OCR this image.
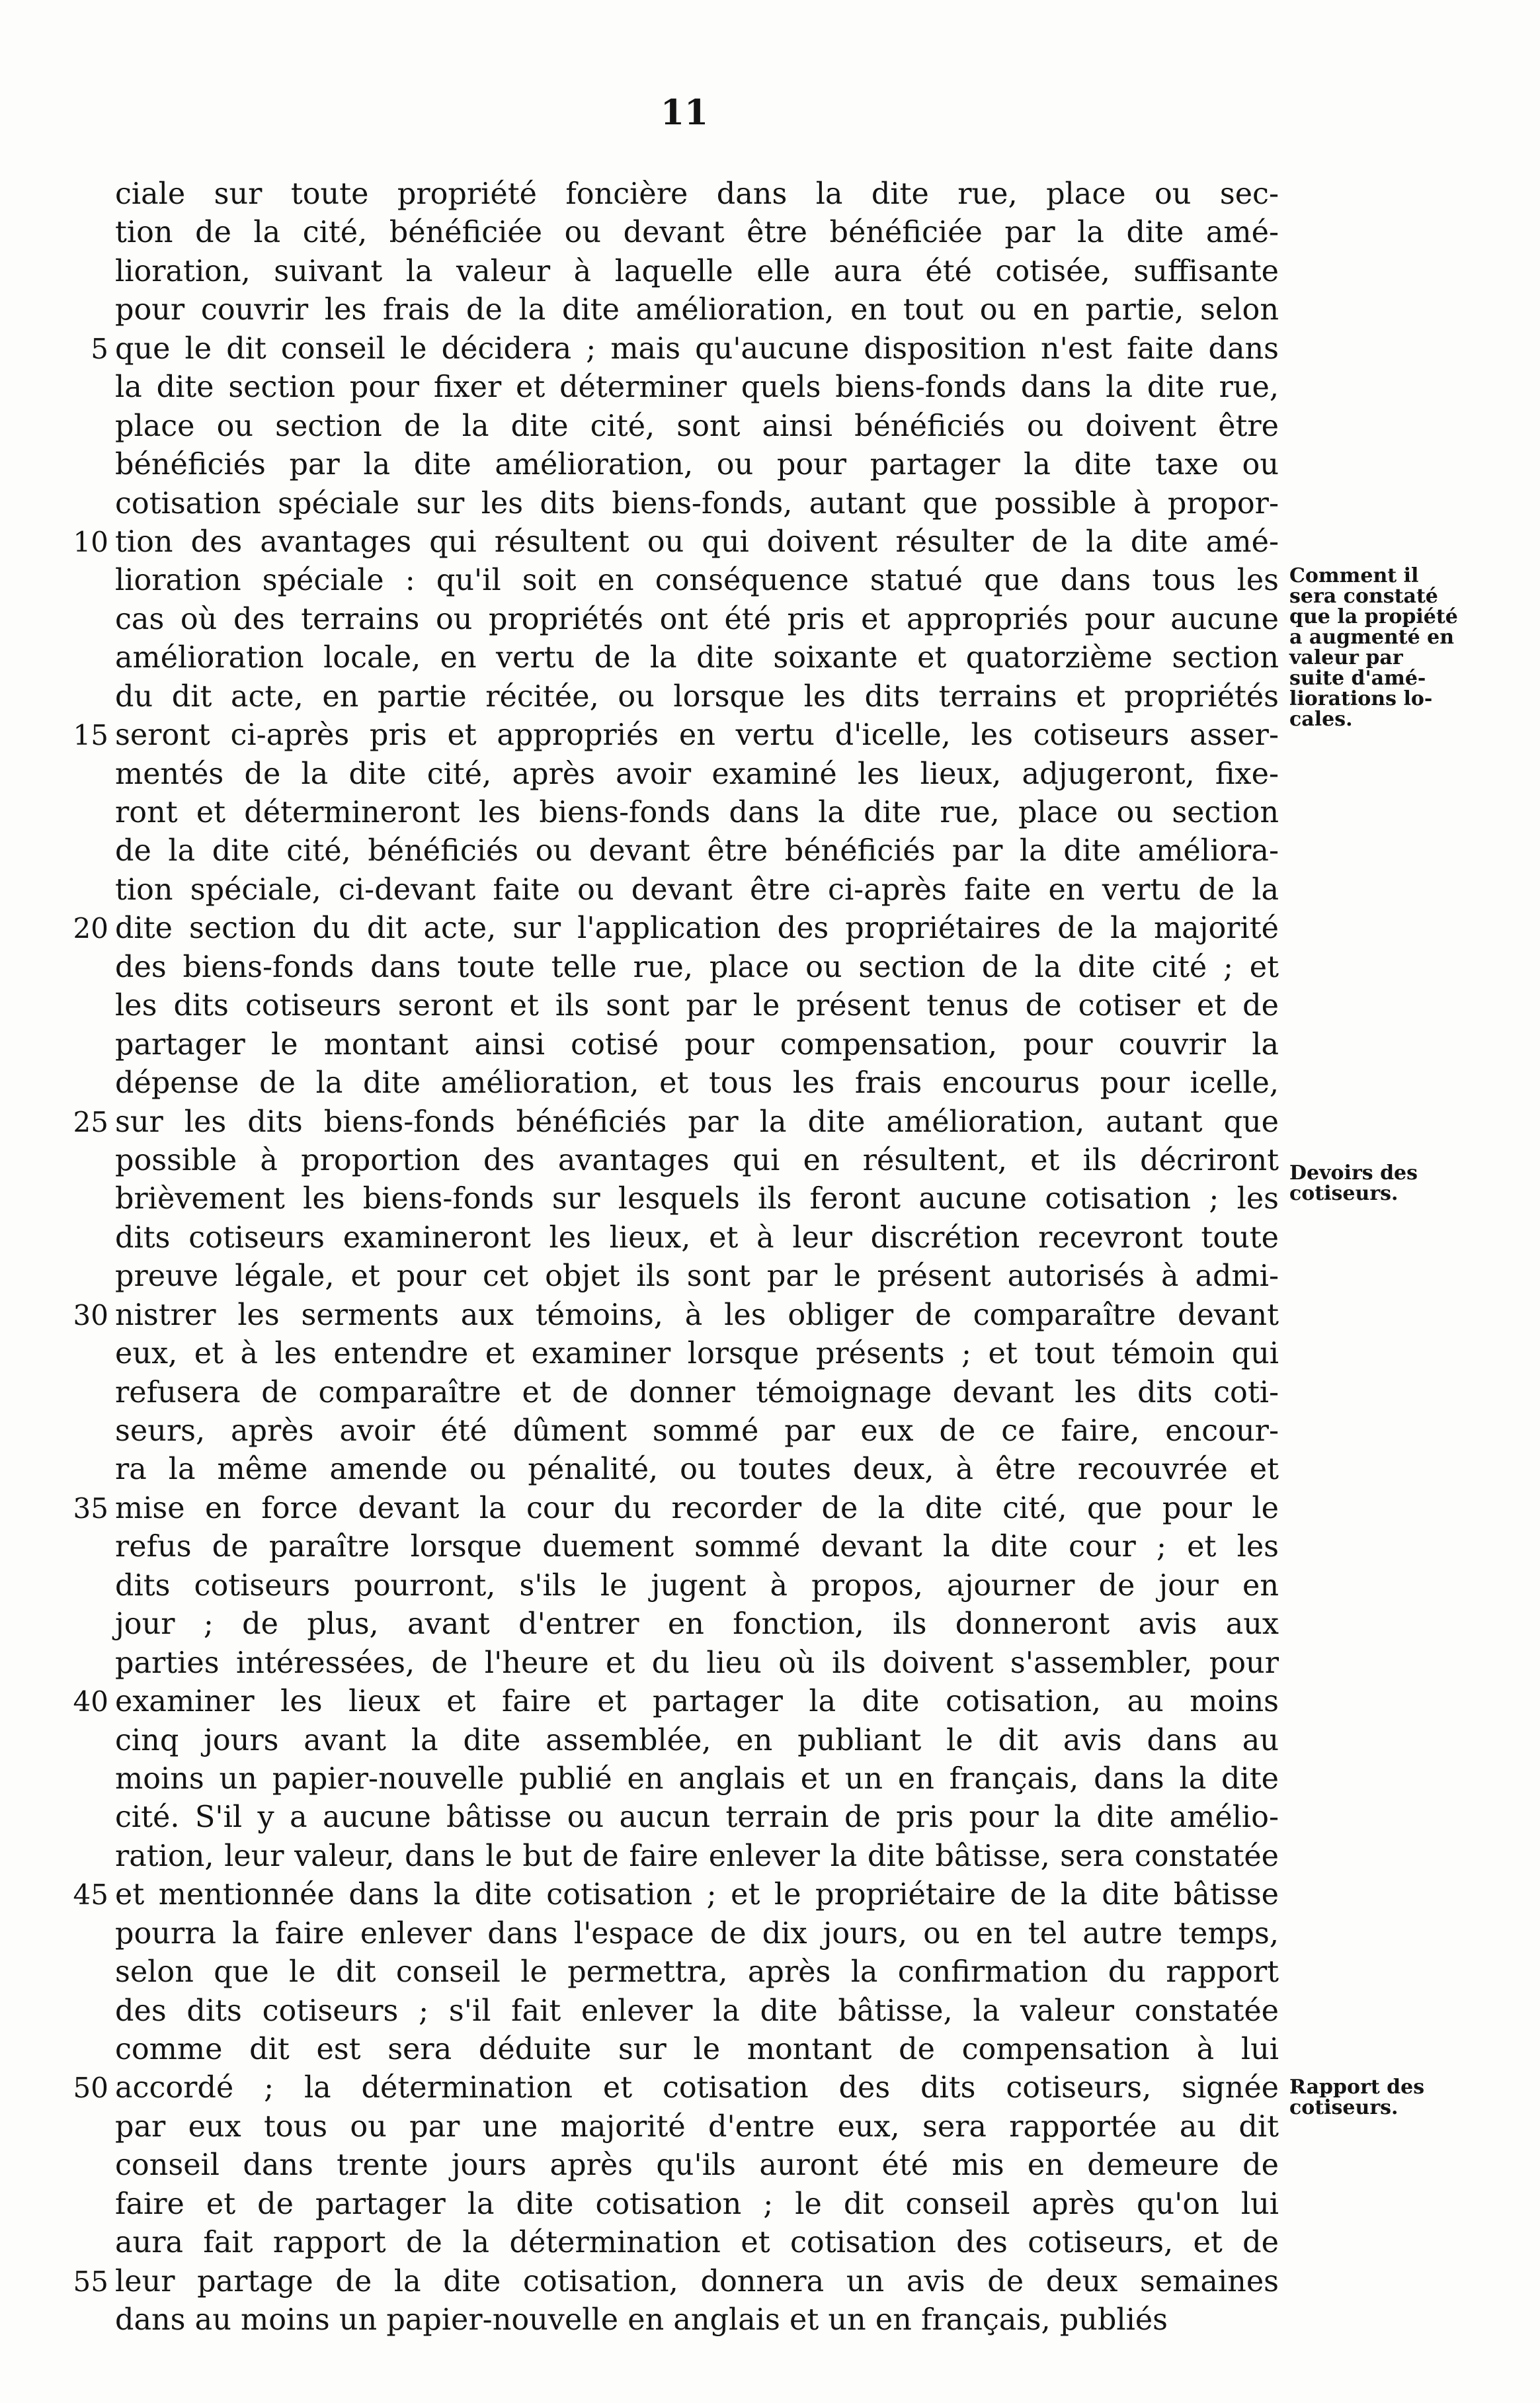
11
ciale sur toute propriété foncière dans la dite rue, place ou sec-
tion de la cité, bénéficiée ou devant être bénéficiée par la dite amé-
lioration, suivant la valeur à laquelle elle aura été cotisée, suffisante
pour couvrir les frais de la dite amélioration, en tout ou en partie, selon
5 que le dit conseil le décidera ; mais qu'aucune disposition n'est faite dans
la dite section pour fixer et déterminer quels biens-fonds dans la dite rue,
place ou section de la dite cité, sont ainsi bénéficiés ou doivent être
bénéficiés par la dite amélioration, ou pour partager la dite taxe ou
cotisation spéciale sur les dits biens-fonds, autant que possible à propor-
10 tion des avantages qui résultent ou qui doivent résulter de la dite amé-
lioration spéciale : qu'il soit en conséquence statué que dans tous les
cas où des terrains ou propriétés ont été pris et appropriés pour aucune
amélioration locale, en vertu de la dite soixante et quatorzième section
du dit acte, en partie récitée, ou lorsque les dits terrains et propriétés
15 seront ci-après pris et appropriés en vertu d'icelle, les cotiseurs asser-
mentés de la dite cité, après avoir examiné les lieux, adjugeront, fixe-
ront et détermineront les biens-fonds dans la dite rue, place ou section
de la dite cité, bénéficiés ou devant être bénéficiés par la dite améliora-
tion spéciale, ci-devant faite ou devant être ci-après faite en vertu de la
20 dite section du dit acte, sur l'application des propriétaires de la majorité
des biens-fonds dans toute telle rue, place ou section de la dite cité ; et
les dits cotiseurs seront et ils sont par le présent tenus de cotiser et de
partager le montant ainsi cotisé pour compensation, pour couvrir la
dépense de la dite amélioration, et tous les frais encourus pour icelle,
25 sur les dits biens-fonds bénéficiés par la dite amélioration, autant que
possible à proportion des avantages qui en résultent, et ils décriront
brièvement les biens-fonds sur lesquels ils feront aucune cotisation ; les
dits cotiseurs examineront les lieux, et à leur discrétion recevront toute
preuve légale, et pour cet objet ils sont par le présent autorisés à admi-
30 nistrer les serments aux témoins, à les obliger de comparaître devant
eux, et à les entendre et examiner lorsque présents ; et tout témoin qui
refusera de comparaître et de donner témoignage devant les dits coti-
seurs, après avoir été dûment sommé par eux de ce faire, encour-
ra la même amende ou pénalité, ou toutes deux, à être recouvrée et
35 mise en force devant la cour du recorder de la dite cité, que pour le
refus de paraître lorsque duement sommé devant la dite cour ; et les
dits cotiseurs pourront, s'ils le jugent à propos, ajourner de jour en
jour ; de plus, avant d'entrer en fonction, ils donneront avis aux
parties intéressées, de l'heure et du lieu où ils doivent s'assembler, pour
40 examiner les lieux et faire et partager la dite cotisation, au moins
cinq jours avant la dite assemblée, en publiant le dit avis dans au
moins un papier-nouvelle publié en anglais et un en français, dans la dite
cité. S'il y a aucune bâtisse ou aucun terrain de pris pour la dite amélio-
ration, leur valeur, dans le but de faire enlever la dite bâtisse, sera constatée
45 et mentionnée dans la dite cotisation ; et le propriétaire de la dite bâtisse
pourra la faire enlever dans l'espace de dix jours, ou en tel autre temps,
selon que le dit conseil le permettra, après la confirmation du rapport
des dits cotiseurs ; s'il fait enlever la dite bâtisse, la valeur constatée
comme dit est sera déduite sur le montant de compensation à lui
50 accordé ; la détermination et cotisation des dits cotiseurs, signée
par eux tous ou par une majorité d'entre eux, sera rapportée au dit
conseil dans trente jours après qu'ils auront été mis en demeure de
faire et de partager la dite cotisation ; le dit conseil après qu'on lui
aura fait rapport de la détermination et cotisation des cotiseurs, et de
55 leur partage de la dite cotisation, donnera un avis de deux semaines
dans au moins un papier-nouvelle en anglais et un en français, publiés
Comment il
sera constaté
que la propiété
a augmenté en
valeur par
suite d'amé-
liorations lo-
cales.
Devoirs des
cotiseurs.
Rapport des
cotiseurs.
